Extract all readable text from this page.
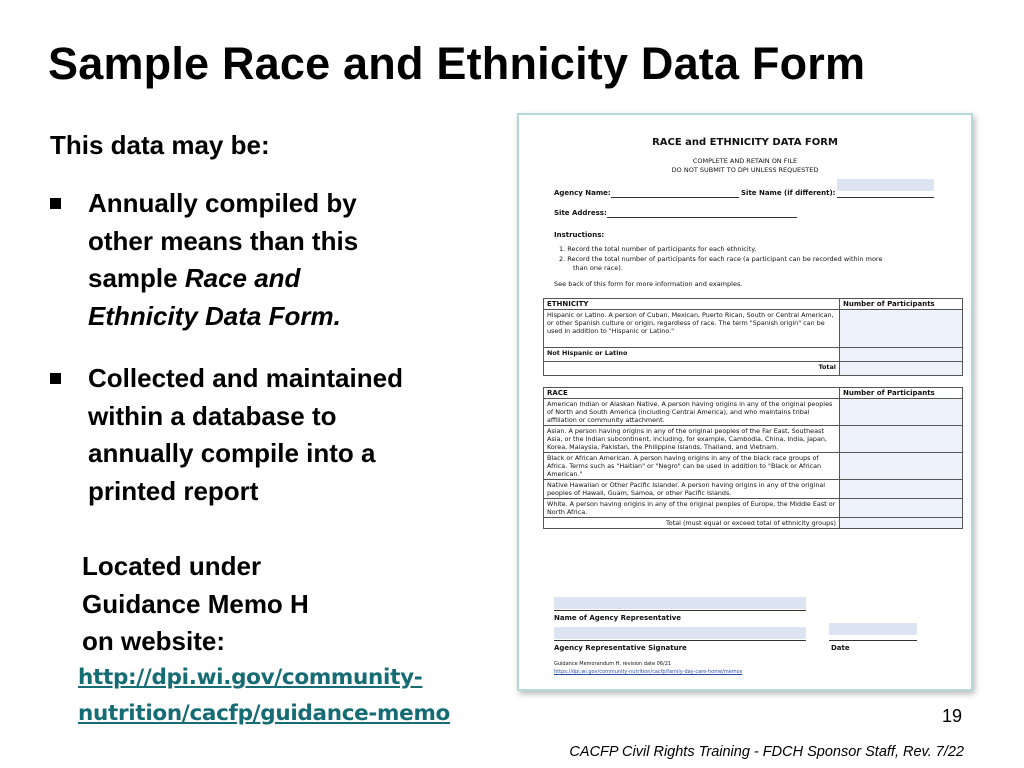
Sample Race and Ethnicity Data Form
This data may be:
Annually compiled by
other means than this
sample Race and
Ethnicity Data Form.
Collected and maintained
within a database to
annually compile into a
printed report
Located under
Guidance Memo H
on website:
http://dpi.wi.gov/community-
nutrition/cacfp/guidance-memo
RACE and ETHNICITY DATA FORM
COMPLETE AND RETAIN ON FILE
DO NOT SUBMIT TO DPI UNLESS REQUESTED
Agency Name:	Site Name (if different):
Site Address:
Instructions:
1. Record the total number of participants for each ethnicity.
2. Record the total number of participants for each race (a participant can be recorded within more
than one race).
See back of this form for more information and examples.
ETHNICITY	Number of Participants
Hispanic or Latino. A person of Cuban, Mexican, Puerto Rican, South or Central American, or other Spanish culture or origin, regardless of race. The term "Spanish origin" can be used in addition to "Hispanic or Latino."	
Not Hispanic or Latino	
Total	
RACE	Number of Participants
American Indian or Alaskan Native. A person having origins in any of the original peoples of North and South America (including Central America), and who maintains tribal affiliation or community attachment.	
Asian. A person having origins in any of the original peoples of the Far East, Southeast Asia, or the Indian subcontinent, including, for example, Cambodia, China, India, Japan, Korea, Malaysia, Pakistan, the Philippine Islands, Thailand, and Vietnam.	
Black or African American. A person having origins in any of the black race groups of Africa. Terms such as "Haitian" or "Negro" can be used in addition to "Black or African American."	
Native Hawaiian or Other Pacific Islander. A person having origins in any of the original peoples of Hawaii, Guam, Samoa, or other Pacific Islands.	
White. A person having origins in any of the original peoples of Europe, the Middle East or North Africa.	
Total (must equal or exceed total of ethnicity groups)	
Name of Agency Representative
Agency Representative Signature	Date
Guidance Memorandum H, revision date 06/21
https://dpi.wi.gov/community-nutrition/cacfp/family-day-care-home/memos
19
CACFP Civil Rights Training - FDCH Sponsor Staff, Rev. 7/22
